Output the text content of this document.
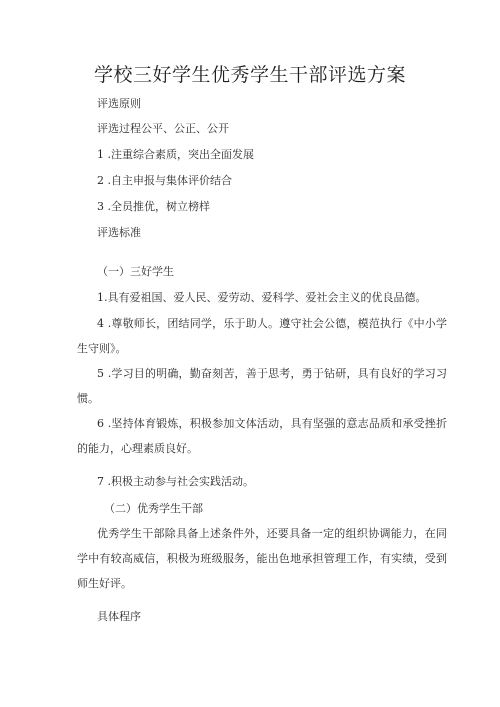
学校三好学生优秀学生干部评选方案
评选原则
评选过程公平、公正、公开
1 .注重综合素质，突出全面发展
2 .自主申报与集体评价结合
3 .全员推优，树立榜样
评选标准
（一）三好学生
1.具有爱祖国、爱人民、爱劳动、爱科学、爱社会主义的优良品德。
4 .尊敬师长，团结同学，乐于助人。遵守社会公德，模范执行《中小学生守则》。
5 .学习目的明确，勤奋刻苦，善于思考，勇于钻研，具有良好的学习习惯。
6 .坚持体育锻炼，积极参加文体活动，具有坚强的意志品质和承受挫折的能力，心理素质良好。
7 .积极主动参与社会实践活动。
（二）优秀学生干部
优秀学生干部除具备上述条件外，还要具备一定的组织协调能力，在同学中有较高威信，积极为班级服务，能出色地承担管理工作，有实绩，受到师生好评。
具体程序
